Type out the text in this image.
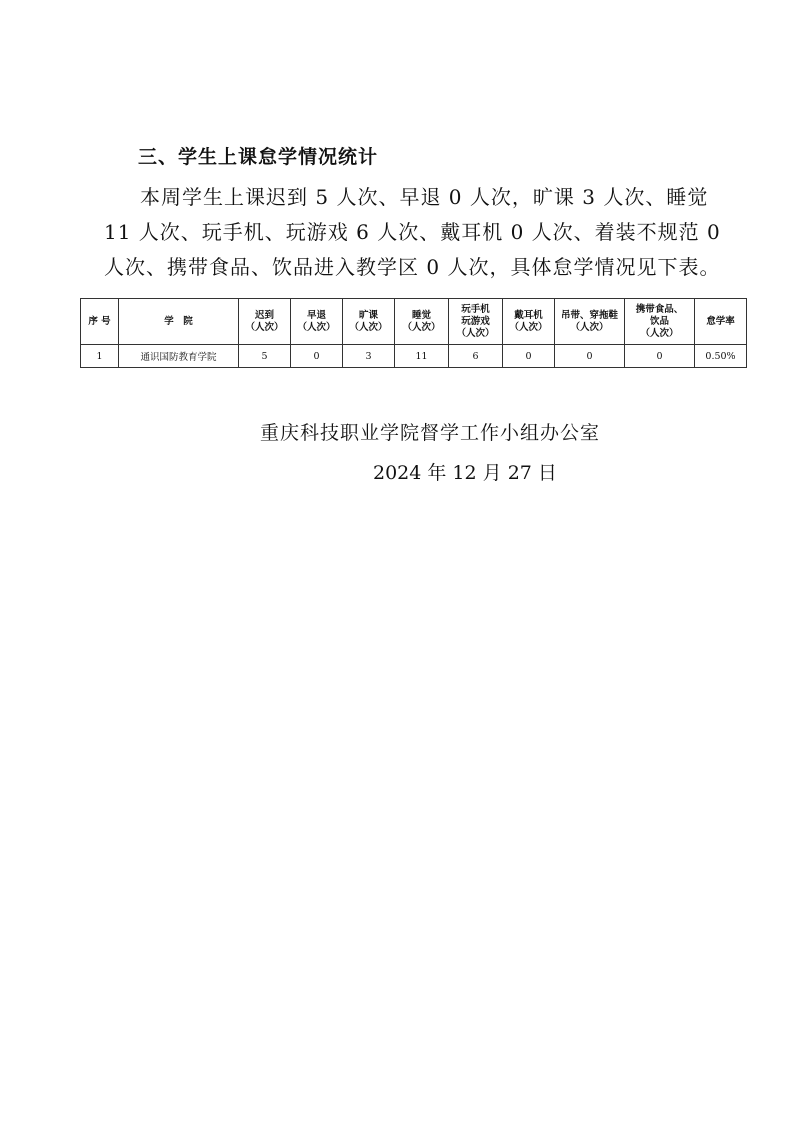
三、学生上课怠学情况统计
本周学生上课迟到 5 人次、早退 0 人次，旷课 3 人次、睡觉
11 人次、玩手机、玩游戏 6 人次、戴耳机 0 人次、着装不规范 0
人次、携带食品、饮品进入教学区 0 人次，具体怠学情况见下表。
序 号	学　院	迟到
（人次）	早退
（人次）	旷课
（人次）	睡觉
（人次）	玩手机
玩游戏
（人次）	戴耳机
（人次）	吊带、穿拖鞋
（人次）	携带食品、
饮品
（人次）	怠学率
1	通识国防教育学院	5	0	3	11	6	0	0	0	0.50%
重庆科技职业学院督学工作小组办公室
2024 年 12 月 27 日
